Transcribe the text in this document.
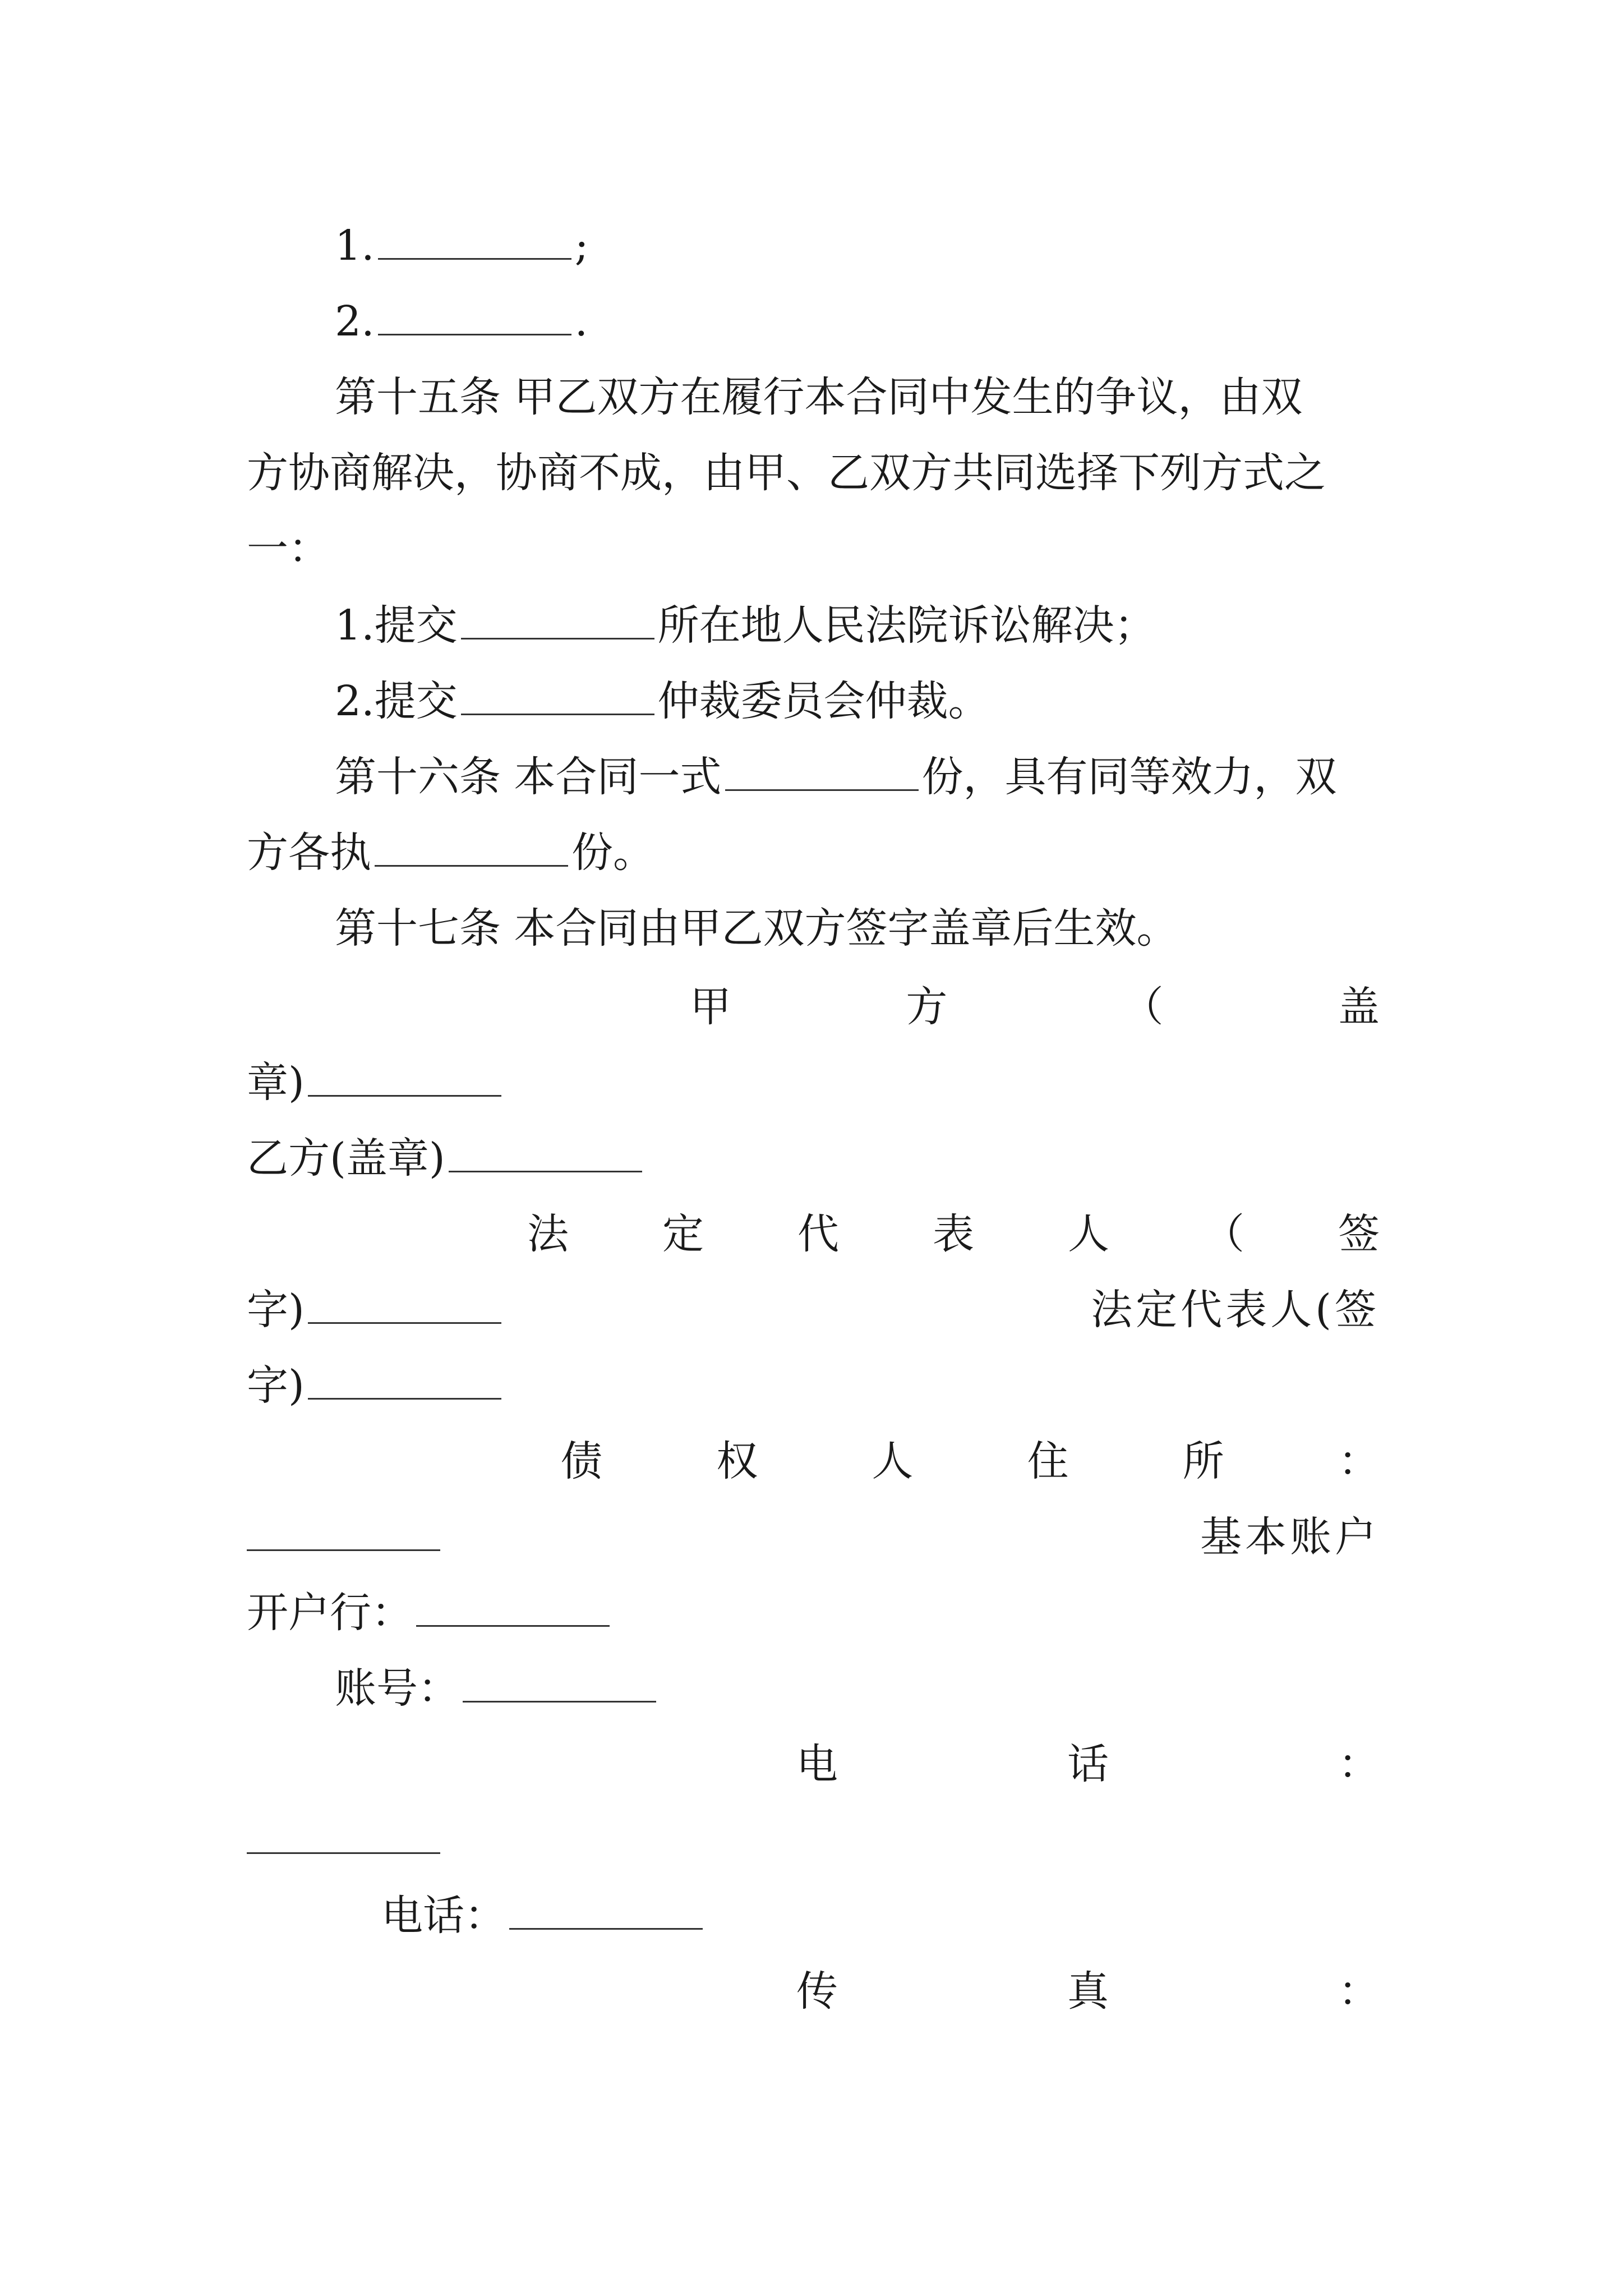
1.	;
2.	.
第十五条 甲乙双方在履行本合同中发生的争议，由双
方协商解决，协商不成，由甲、乙双方共同选择下列方式之
一：
1.提交	所在地人民法院诉讼解决；
2.提交	仲裁委员会仲裁。
第十六条 本合同一式	份，具有同等效力，双
方各执	份。
第十七条 本合同由甲乙双方签字盖章后生效。
甲	方	（	盖
章)
乙方(盖章)
法 定 代 表 人 （ 签
字)	法定代表人(签
字)
债	权	人	住	所	：
基本账户
开户行：
账号：
电	话	：
电话：
传	真	：
